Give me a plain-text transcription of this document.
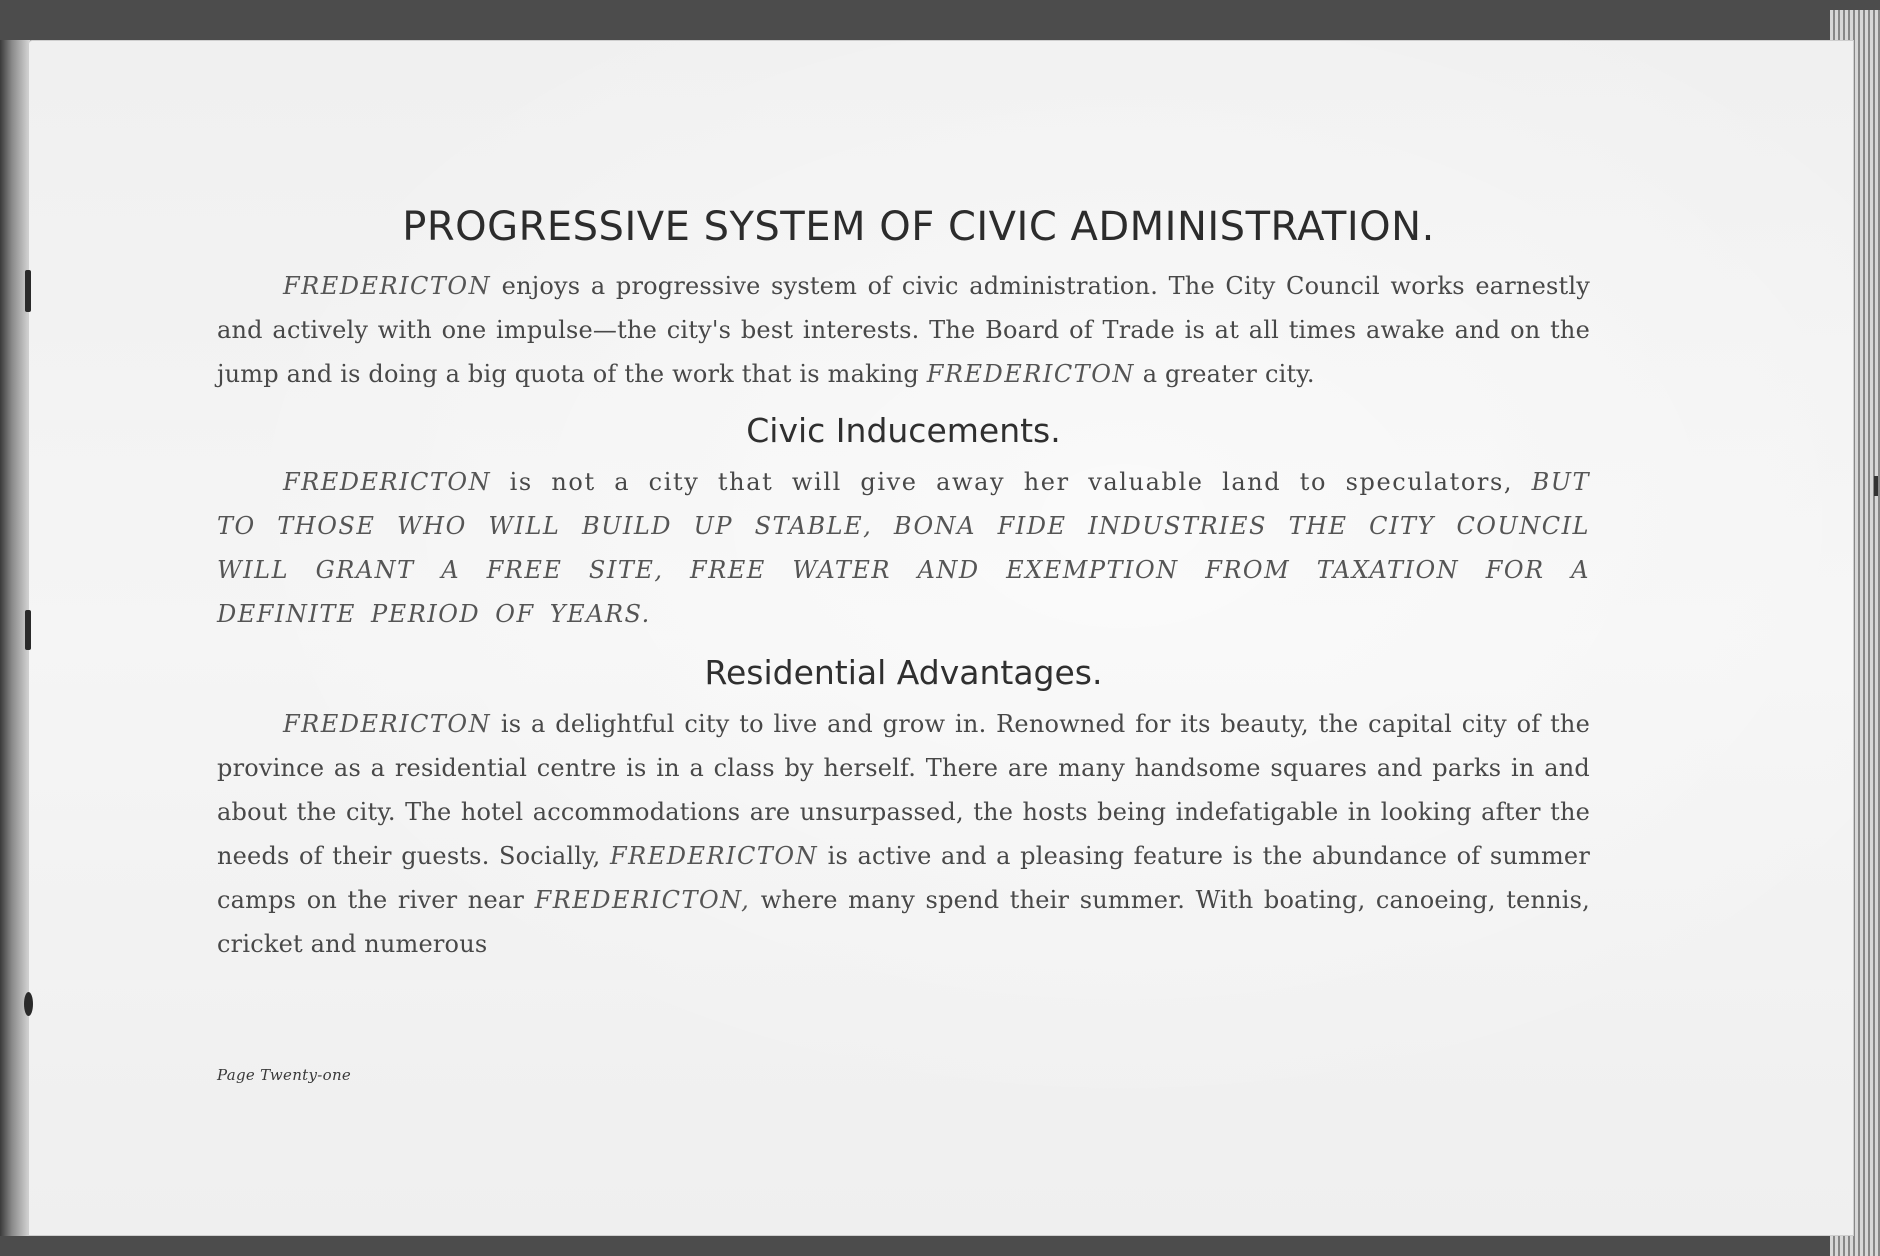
PROGRESSIVE SYSTEM OF CIVIC ADMINISTRATION.

FREDERICTON enjoys a progressive system of civic administration. The City Council works earnestly and actively with one impulse—the city's best interests. The Board of Trade is at all times awake and on the jump and is doing a big quota of the work that is making FREDERICTON a greater city.

Civic Inducements.

FREDERICTON is not a city that will give away her valuable land to speculators, BUT TO THOSE WHO WILL BUILD UP STABLE, BONA FIDE INDUSTRIES THE CITY COUNCIL WILL GRANT A FREE SITE, FREE WATER AND EXEMPTION FROM TAXATION FOR A DEFINITE PERIOD OF YEARS.

Residential Advantages.

FREDERICTON is a delightful city to live and grow in. Renowned for its beauty, the capital city of the province as a residential centre is in a class by herself. There are many handsome squares and parks in and about the city. The hotel accommodations are unsurpassed, the hosts being indefatigable in looking after the needs of their guests. Socially, FREDERICTON is active and a pleasing feature is the abundance of summer camps on the river near FREDERICTON, where many spend their summer. With boating, canoeing, tennis, cricket and numerous

Page Twenty-one
